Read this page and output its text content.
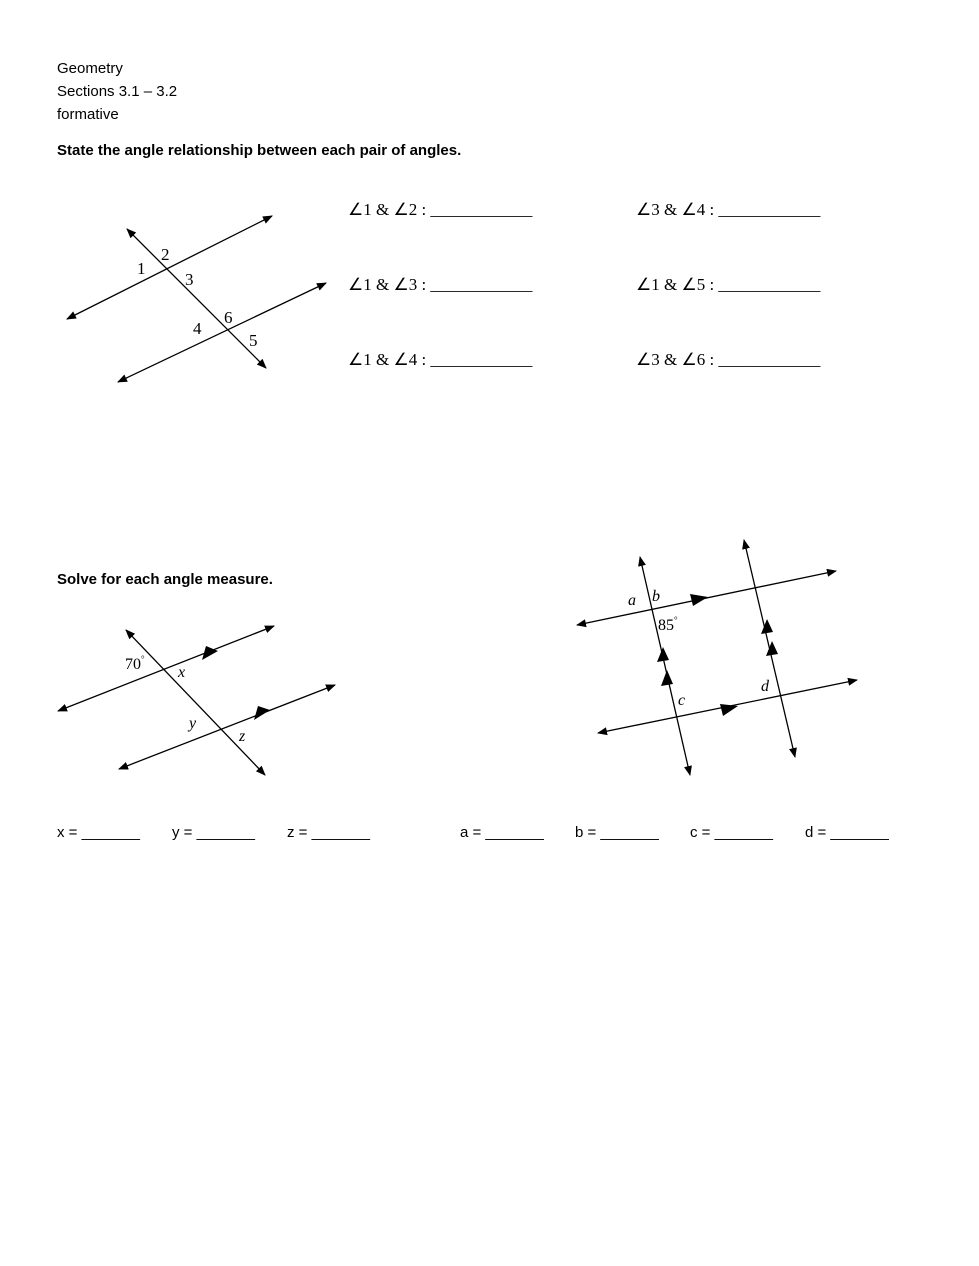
Geometry
Sections 3.1 – 3.2
formative
State the angle relationship between each pair of angles.
1
2
3
4
6
5
∠1 & ∠2 : ____________	∠3 & ∠4 : ____________
∠1 & ∠3 : ____________	∠1 & ∠5 : ____________
∠1 & ∠4 : ____________	∠3 & ∠6 : ____________
Solve for each angle measure.
70°
x
y
z
a b
85°
c
d
x = _______ y = _______ z = _______	a = _______ b = _______ c = _______ d = _______
